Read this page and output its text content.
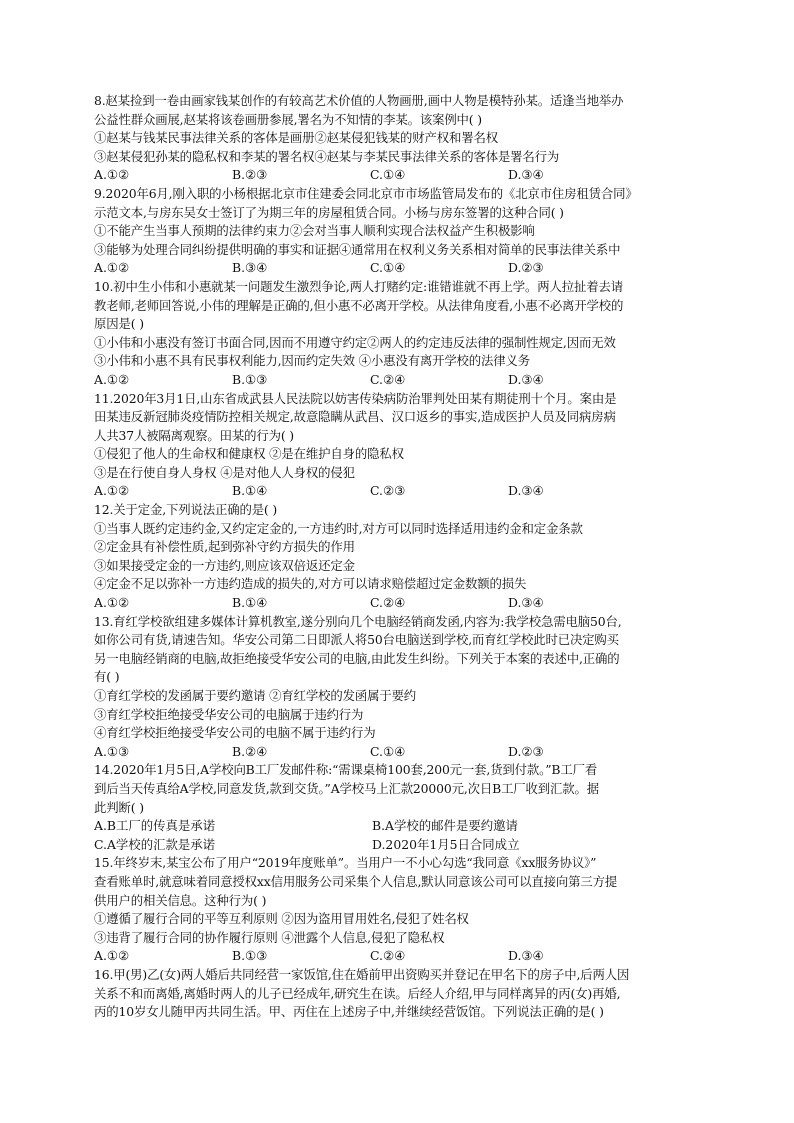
8.赵某捡到一卷由画家钱某创作的有较高艺术价值的人物画册,画中人物是模特孙某。适逢当地举办
公益性群众画展,赵某将该卷画册参展,署名为不知情的李某。该案例中( )
①赵某与钱某民事法律关系的客体是画册②赵某侵犯钱某的财产权和署名权
③赵某侵犯孙某的隐私权和李某的署名权④赵某与李某民事法律关系的客体是署名行为
A.①②	B.②③	C.①④	D.③④
9.2020年6月,刚入职的小杨根据北京市住建委会同北京市市场监管局发布的《北京市住房租赁合同》
示范文本,与房东吴女士签订了为期三年的房屋租赁合同。小杨与房东签署的这种合同( )
①不能产生当事人预期的法律约束力②会对当事人顺利实现合法权益产生积极影响
③能够为处理合同纠纷提供明确的事实和证据④通常用在权利义务关系相对简单的民事法律关系中
A.①②	B.③④	C.①④	D.②③
10.初中生小伟和小惠就某一问题发生激烈争论,两人打赌约定:谁错谁就不再上学。两人拉扯着去请
教老师,老师回答说,小伟的理解是正确的,但小惠不必离开学校。从法律角度看,小惠不必离开学校的
原因是( )
①小伟和小惠没有签订书面合同,因而不用遵守约定②两人的约定违反法律的强制性规定,因而无效
③小伟和小惠不具有民事权利能力,因而约定失效 ④小惠没有离开学校的法律义务
A.①②	B.①③	C.②④	D.③④
11.2020年3月1日,山东省成武县人民法院以妨害传染病防治罪判处田某有期徒刑十个月。案由是
田某违反新冠肺炎疫情防控相关规定,故意隐瞒从武昌、汉口返乡的事实,造成医护人员及同病房病
人共37人被隔离观察。田某的行为( )
①侵犯了他人的生命权和健康权 ②是在维护自身的隐私权
③是在行使自身人身权 ④是对他人人身权的侵犯
A.①②	B.①④	C.②③	D.③④
12.关于定金,下列说法正确的是( )
①当事人既约定违约金,又约定定金的,一方违约时,对方可以同时选择适用违约金和定金条款
②定金具有补偿性质,起到弥补守约方损失的作用
③如果接受定金的一方违约,则应该双倍返还定金
④定金不足以弥补一方违约造成的损失的,对方可以请求赔偿超过定金数额的损失
A.①②	B.①④	C.②④	D.③④
13.育红学校欲组建多媒体计算机教室,遂分别向几个电脑经销商发函,内容为:我学校急需电脑50台,
如你公司有货,请速告知。华安公司第二日即派人将50台电脑送到学校,而育红学校此时已决定购买
另一电脑经销商的电脑,故拒绝接受华安公司的电脑,由此发生纠纷。下列关于本案的表述中,正确的
有( )
①育红学校的发函属于要约邀请 ②育红学校的发函属于要约
③育红学校拒绝接受华安公司的电脑属于违约行为
④育红学校拒绝接受华安公司的电脑不属于违约行为
A.①③	B.②④	C.①④	D.②③
14.2020年1月5日,A学校向B工厂发邮件称:“需课桌椅100套,200元一套,货到付款。”B工厂看
到后当天传真给A学校,同意发货,款到交货。”A学校马上汇款20000元,次日B工厂收到汇款。据
此判断( )
A.B工厂的传真是承诺	B.A学校的邮件是要约邀请
C.A学校的汇款是承诺	D.2020年1月5日合同成立
15.年终岁末,某宝公布了用户“2019年度账单”。当用户一不小心勾选“我同意《xx服务协议》”
查看账单时,就意味着同意授权xx信用服务公司采集个人信息,默认同意该公司可以直接向第三方提
供用户的相关信息。这种行为( )
①遵循了履行合同的平等互利原则 ②因为盗用冒用姓名,侵犯了姓名权
③违背了履行合同的协作履行原则 ④泄露个人信息,侵犯了隐私权
A.①②	B.①③	C.②④	D.③④
16.甲(男)乙(女)两人婚后共同经营一家饭馆,住在婚前甲出资购买并登记在甲名下的房子中,后两人因
关系不和而离婚,离婚时两人的儿子已经成年,研究生在读。后经人介绍,甲与同样离异的丙(女)再婚,
丙的10岁女儿随甲丙共同生活。甲、丙住在上述房子中,并继续经营饭馆。下列说法正确的是( )
